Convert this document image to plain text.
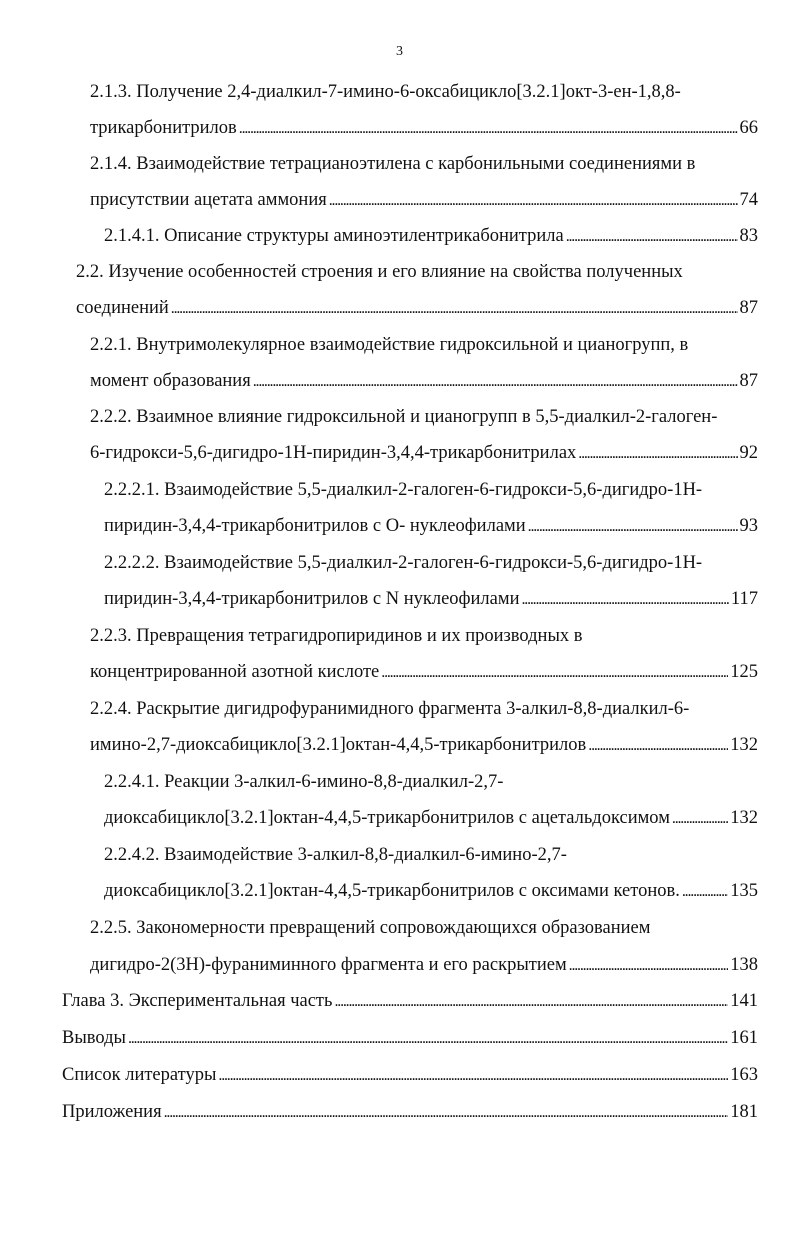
3
2.1.3. Получение 2,4-диалкил-7-имино-6-оксабицикло[3.2.1]окт-3-ен-1,8,8-
трикарбонитрилов . . .	66
2.1.4. Взаимодействие тетрацианоэтилена с карбонильными соединениями в
присутствии ацетата аммония . . .	74
2.1.4.1. Описание структуры аминоэтилентрикабонитрила . . .	83
2.2. Изучение особенностей строения и его влияние на свойства полученных
соединений . . .	87
2.2.1. Внутримолекулярное взаимодействие гидроксильной и цианогрупп, в
момент образования . . .	87
2.2.2. Взаимное влияние гидроксильной и цианогрупп в 5,5-диалкил-2-галоген-
6-гидрокси-5,6-дигидро-1Н-пиридин-3,4,4-трикарбонитрилах . . .	92
2.2.2.1. Взаимодействие 5,5-диалкил-2-галоген-6-гидрокси-5,6-дигидро-1Н-
пиридин-3,4,4-трикарбонитрилов с О- нуклеофилами . . .	93
2.2.2.2. Взаимодействие 5,5-диалкил-2-галоген-6-гидрокси-5,6-дигидро-1Н-
пиридин-3,4,4-трикарбонитрилов с N нуклеофилами . . .	117
2.2.3. Превращения тетрагидропиридинов и их производных в
концентрированной азотной кислоте . . .	125
2.2.4. Раскрытие дигидрофуранимидного фрагмента 3-алкил-8,8-диалкил-6-
имино-2,7-диоксабицикло[3.2.1]октан-4,4,5-трикарбонитрилов . . .	132
2.2.4.1. Реакции 3-алкил-6-имино-8,8-диалкил-2,7-
диоксабицикло[3.2.1]октан-4,4,5-трикарбонитрилов с ацетальдоксимом . . .	132
2.2.4.2. Взаимодействие 3-алкил-8,8-диалкил-6-имино-2,7-
диоксабицикло[3.2.1]октан-4,4,5-трикарбонитрилов с оксимами кетонов. . . .	135
2.2.5. Закономерности превращений сопровождающихся образованием
дигидро-2(3Н)-фураниминного фрагмента и его раскрытием . . .	138
Глава 3. Экспериментальная часть . . .	141
Выводы . . .	161
Список литературы . . .	163
Приложения . . .	181
